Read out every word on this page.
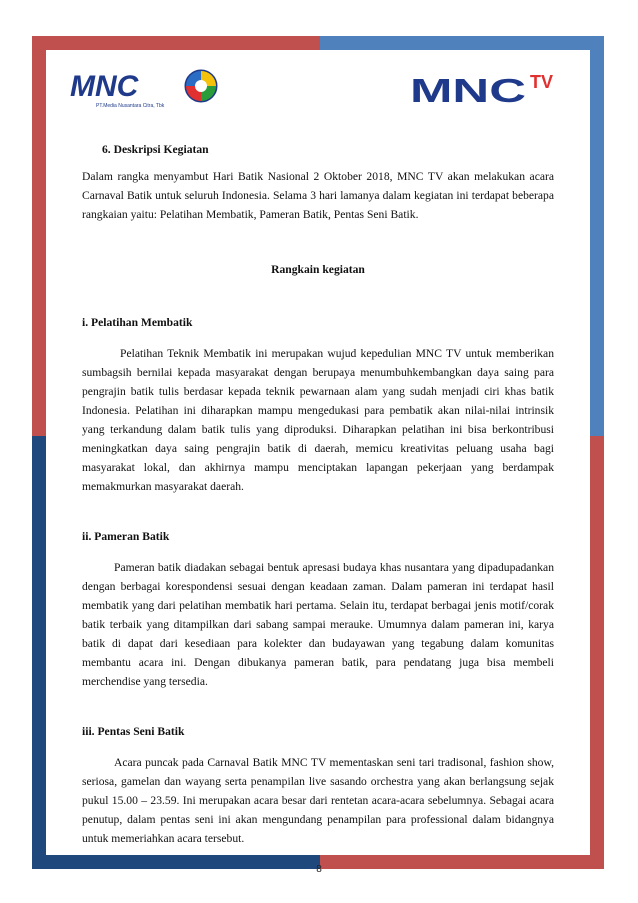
MNC
PT.Media Nusantara Citra, Tbk	MNC TV
6. Deskripsi Kegiatan

Dalam rangka menyambut Hari Batik Nasional 2 Oktober 2018, MNC TV akan melakukan acara Carnaval Batik untuk seluruh Indonesia. Selama 3 hari lamanya dalam kegiatan ini terdapat beberapa rangkaian yaitu: Pelatihan Membatik, Pameran Batik, Pentas Seni Batik.

Rangkain kegiatan
i. Pelatihan Membatik

Pelatihan Teknik Membatik ini merupakan wujud kepedulian MNC TV untuk memberikan sumbagsih bernilai kepada masyarakat dengan berupaya menumbuhkembangkan daya saing para pengrajin batik tulis berdasar kepada teknik pewarnaan alam yang sudah menjadi ciri khas batik Indonesia. Pelatihan ini diharapkan mampu mengedukasi para pembatik akan nilai-nilai intrinsik yang terkandung dalam batik tulis yang diproduksi. Diharapkan pelatihan ini bisa berkontribusi meningkatkan daya saing pengrajin batik di daerah, memicu kreativitas peluang usaha bagi masyarakat lokal, dan akhirnya mampu menciptakan lapangan pekerjaan yang berdampak memakmurkan masyarakat daerah.

ii. Pameran Batik

Pameran batik diadakan sebagai bentuk apresasi budaya khas nusantara yang dipadupadankan dengan berbagai korespondensi sesuai dengan keadaan zaman. Dalam pameran ini terdapat hasil membatik yang dari pelatihan membatik hari pertama. Selain itu, terdapat berbagai jenis motif/corak batik terbaik yang ditampilkan dari sabang sampai merauke. Umumnya dalam pameran ini, karya batik di dapat dari kesediaan para kolekter dan budayawan yang tegabung dalam komunitas membantu acara ini. Dengan dibukanya pameran batik, para pendatang juga bisa membeli merchendise yang tersedia.

iii. Pentas Seni Batik

Acara puncak pada Carnaval Batik MNC TV mementaskan seni tari tradisonal, fashion show, seriosa, gamelan dan wayang serta penampilan live sasando orchestra yang akan berlangsung sejak pukul 15.00 – 23.59. Ini merupakan acara besar dari rentetan acara-acara sebelumnya. Sebagai acara penutup, dalam pentas seni ini akan mengundang penampilan para professional dalam bidangnya untuk memeriahkan acara tersebut.

8
